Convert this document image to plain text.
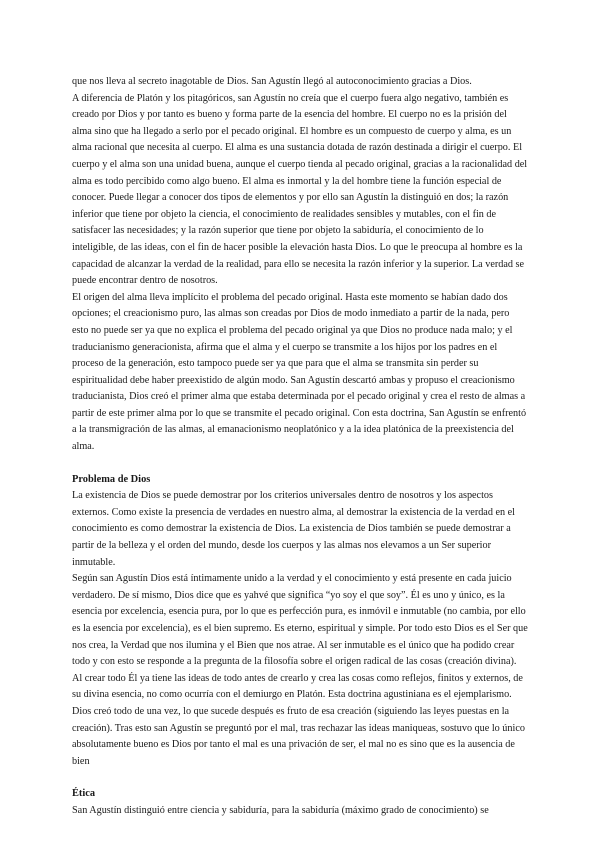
que nos lleva al secreto inagotable de Dios. San Agustín llegó al autoconocimiento gracias a Dios.

A diferencia de Platón y los pitagóricos, san Agustín no creía que el cuerpo fuera algo negativo, también es creado por Dios y por tanto es bueno y forma parte de la esencia del hombre. El cuerpo no es la prisión del alma sino que ha llegado a serlo por el pecado original. El hombre es un compuesto de cuerpo y alma, es un alma racional que necesita al cuerpo. El alma es una sustancia dotada de razón destinada a dirigir el cuerpo. El cuerpo y el alma son una unidad buena, aunque el cuerpo tienda al pecado original, gracias a la racionalidad del alma es todo percibido como algo bueno. El alma es inmortal y la del hombre tiene la función especial de conocer. Puede llegar a conocer dos tipos de elementos y por ello san Agustín la distinguió en dos; la razón inferior que tiene por objeto la ciencia, el conocimiento de realidades sensibles y mutables, con el fin de satisfacer las necesidades; y la razón superior que tiene por objeto la sabiduría, el conocimiento de lo inteligible, de las ideas, con el fin de hacer posible la elevación hasta Dios. Lo que le preocupa al hombre es la capacidad de alcanzar la verdad de la realidad, para ello se necesita la razón inferior y la superior. La verdad se puede encontrar dentro de nosotros.

El origen del alma lleva implícito el problema del pecado original. Hasta este momento se habían dado dos opciones; el creacionismo puro, las almas son creadas por Dios de modo inmediato a partir de la nada, pero esto no puede ser ya que no explica el problema del pecado original ya que Dios no produce nada malo; y el traducianismo generacionista, afirma que el alma y el cuerpo se transmite a los hijos por los padres en el proceso de la generación, esto tampoco puede ser ya que para que el alma se transmita sin perder su espiritualidad debe haber preexistido de algún modo. San Agustín descartó ambas y propuso el creacionismo traducianista, Dios creó el primer alma que estaba determinada por el pecado original y crea el resto de almas a partir de este primer alma por lo que se transmite el pecado original. Con esta doctrina, San Agustín se enfrentó a la transmigración de las almas, al emanacionismo neoplatónico y a la idea platónica de la preexistencia del alma.

Problema de Dios

La existencia de Dios se puede demostrar por los criterios universales dentro de nosotros y los aspectos externos. Como existe la presencia de verdades en nuestro alma, al demostrar la existencia de la verdad en el conocimiento es como demostrar la existencia de Dios. La existencia de Dios también se puede demostrar a partir de la belleza y el orden del mundo, desde los cuerpos y las almas nos elevamos a un Ser superior inmutable.

Según san Agustín Dios está íntimamente unido a la verdad y el conocimiento y está presente en cada juicio verdadero. De sí mismo, Dios dice que es yahvé que significa “yo soy el que soy”. Él es uno y único, es la esencia por excelencia, esencia pura, por lo que es perfección pura, es inmóvil e inmutable (no cambia, por ello es la esencia por excelencia), es el bien supremo. Es eterno, espiritual y simple. Por todo esto Dios es el Ser que nos crea, la Verdad que nos ilumina y el Bien que nos atrae. Al ser inmutable es el único que ha podido crear todo y con esto se responde a la pregunta de la filosofía sobre el origen radical de las cosas (creación divina).

Al crear todo Él ya tiene las ideas de todo antes de crearlo y crea las cosas como reflejos, finitos y externos, de su divina esencia, no como ocurría con el demiurgo en Platón. Esta doctrina agustiniana es el ejemplarismo.

Dios creó todo de una vez, lo que sucede después es fruto de esa creación (siguiendo las leyes puestas en la creación). Tras esto san Agustín se preguntó por el mal, tras rechazar las ideas maniqueas, sostuvo que lo único absolutamente bueno es Dios por tanto el mal es una privación de ser, el mal no es sino que es la ausencia de bien

Ética

San Agustín distinguió entre ciencia y sabiduría, para la sabiduría (máximo grado de conocimiento) se
